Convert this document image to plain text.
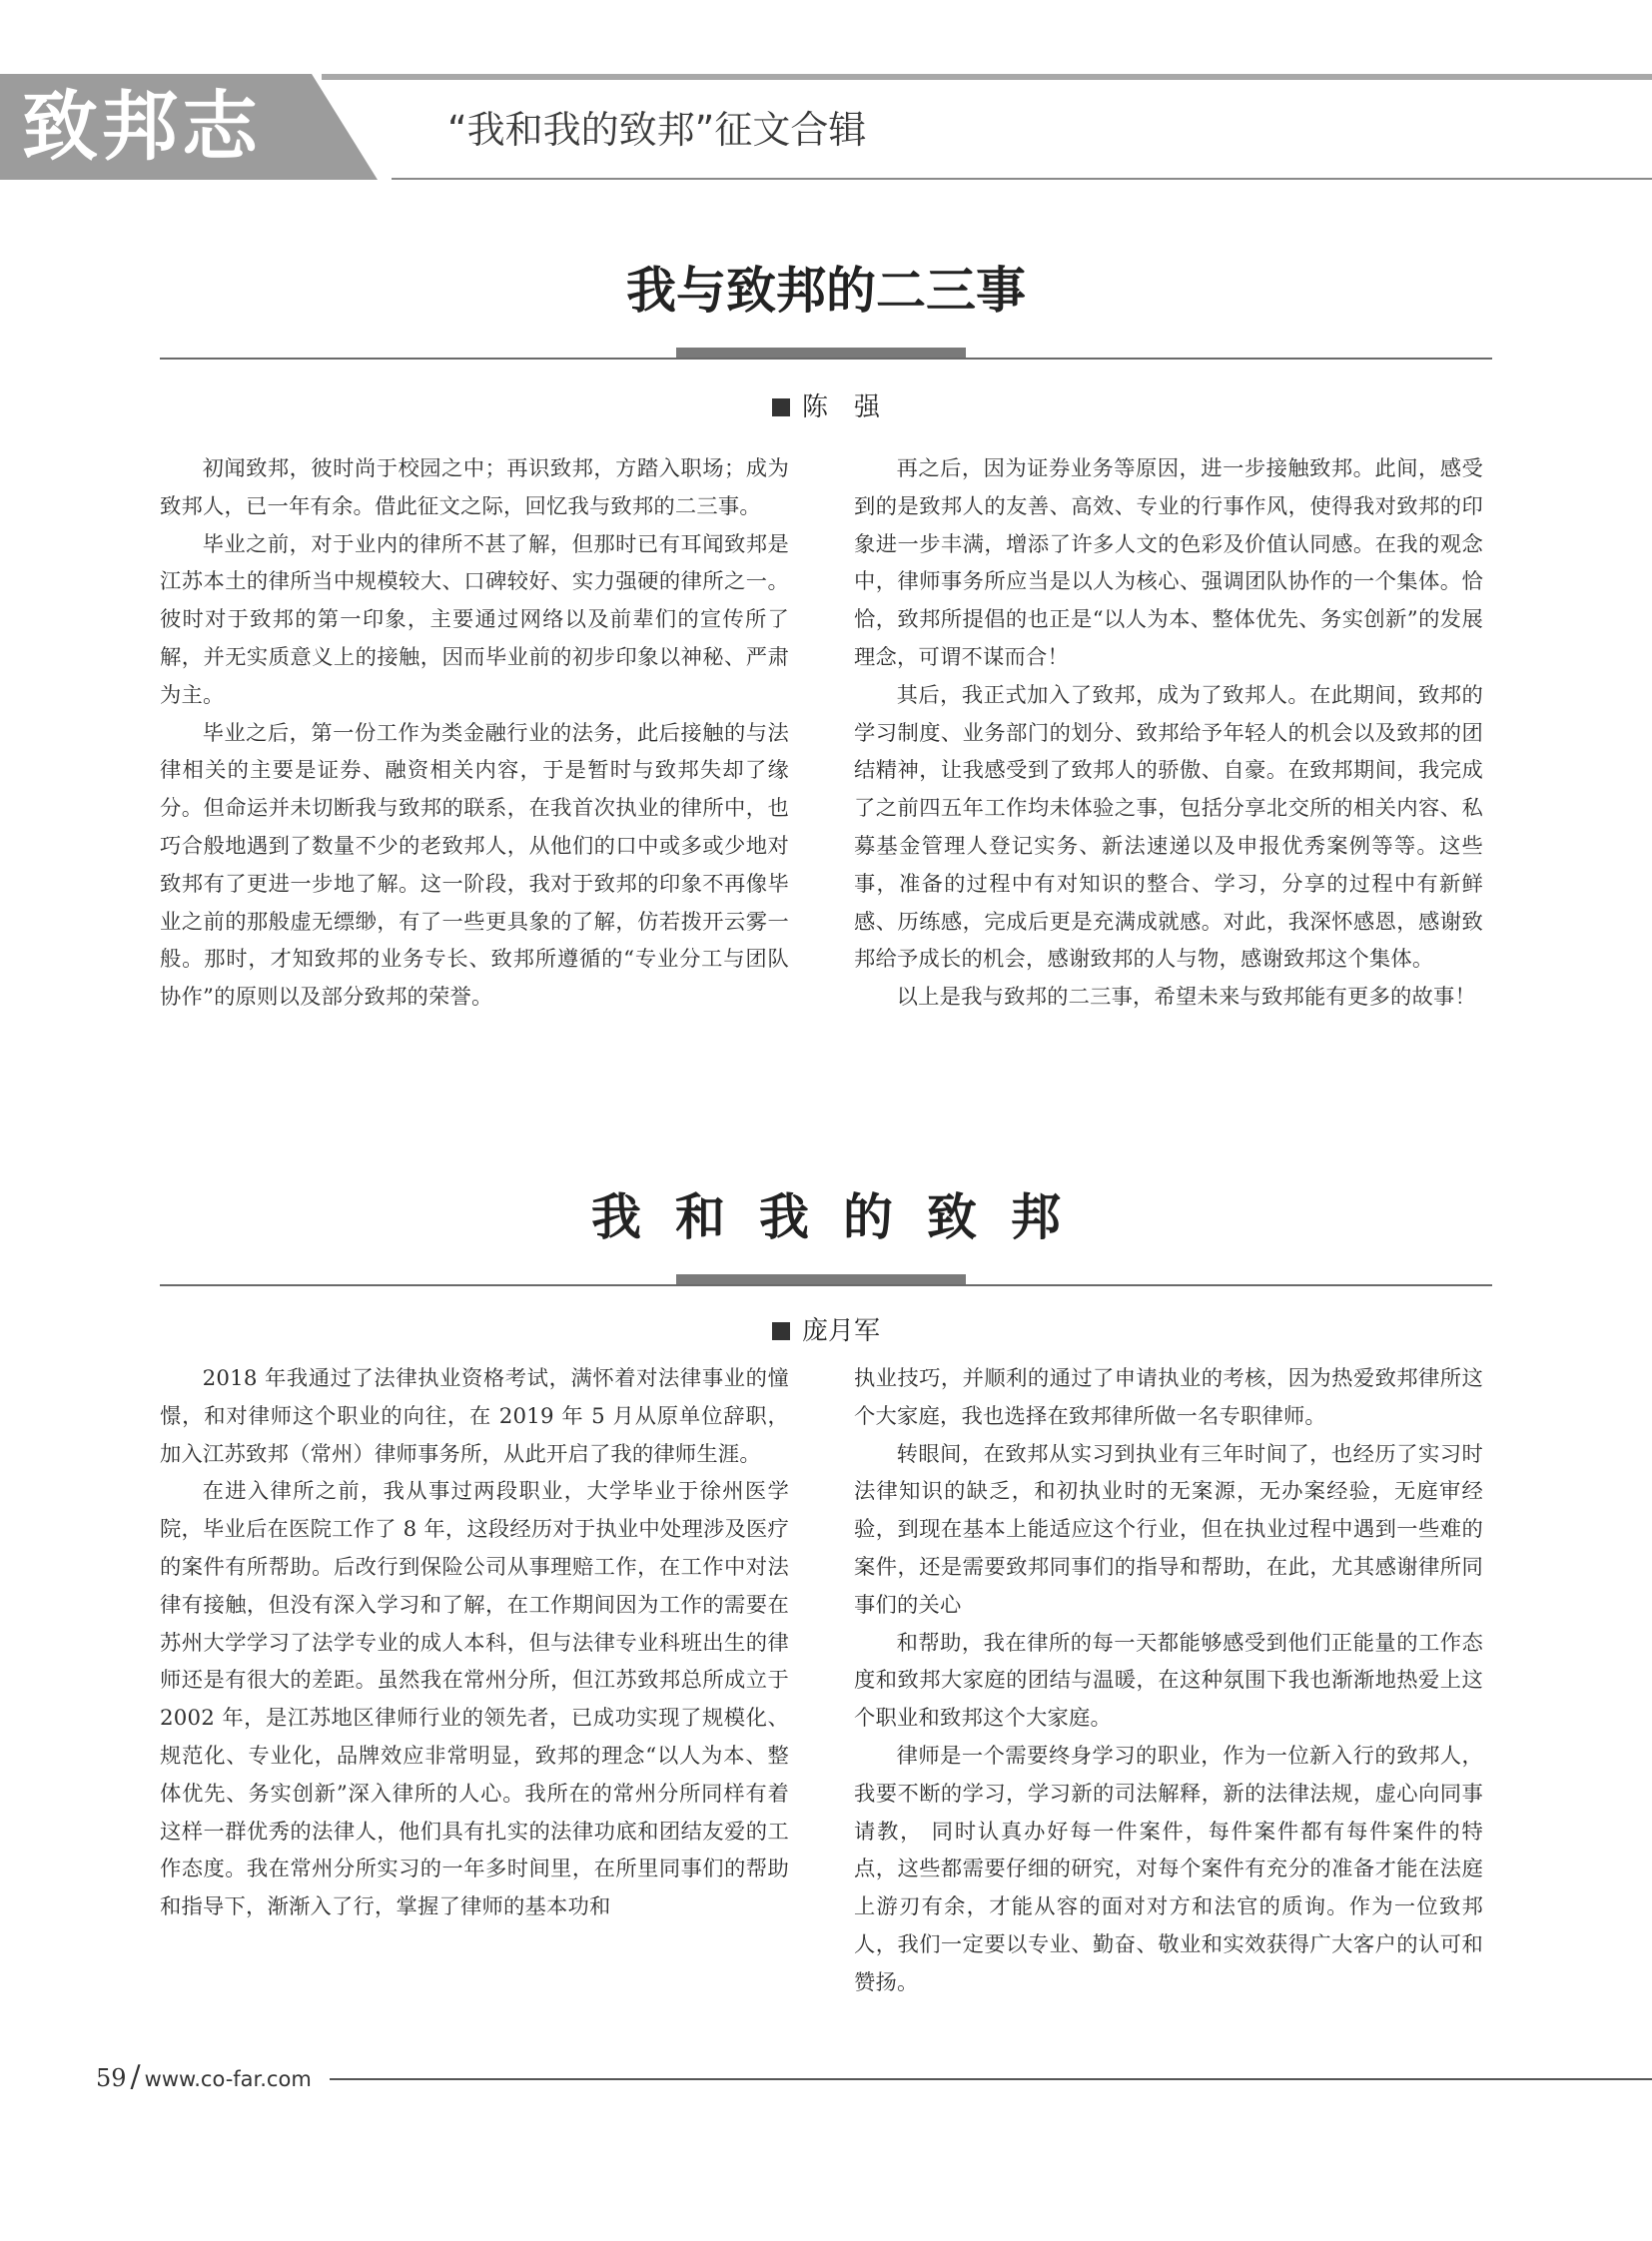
致邦志	“我和我的致邦”征文合辑
我与致邦的二三事
陈　强

初闻致邦，彼时尚于校园之中；再识致邦，方踏入职场；成为致邦人，已一年有余。借此征文之际，回忆我与致邦的二三事。

毕业之前，对于业内的律所不甚了解，但那时已有耳闻致邦是江苏本土的律所当中规模较大、口碑较好、实力强硬的律所之一。彼时对于致邦的第一印象，主要通过网络以及前辈们的宣传所了解，并无实质意义上的接触，因而毕业前的初步印象以神秘、严肃为主。

毕业之后，第一份工作为类金融行业的法务，此后接触的与法律相关的主要是证券、融资相关内容，于是暂时与致邦失却了缘分。但命运并未切断我与致邦的联系，在我首次执业的律所中，也巧合般地遇到了数量不少的老致邦人，从他们的口中或多或少地对致邦有了更进一步地了解。这一阶段，我对于致邦的印象不再像毕业之前的那般虚无缥缈，有了一些更具象的了解，仿若拨开云雾一般。那时，才知致邦的业务专长、致邦所遵循的“专业分工与团队协作”的原则以及部分致邦的荣誉。

再之后，因为证券业务等原因，进一步接触致邦。此间，感受到的是致邦人的友善、高效、专业的行事作风，使得我对致邦的印象进一步丰满，增添了许多人文的色彩及价值认同感。在我的观念中，律师事务所应当是以人为核心、强调团队协作的一个集体。恰恰，致邦所提倡的也正是“以人为本、整体优先、务实创新”的发展理念，可谓不谋而合！

其后，我正式加入了致邦，成为了致邦人。在此期间，致邦的学习制度、业务部门的划分、致邦给予年轻人的机会以及致邦的团结精神，让我感受到了致邦人的骄傲、自豪。在致邦期间，我完成了之前四五年工作均未体验之事，包括分享北交所的相关内容、私募基金管理人登记实务、新法速递以及申报优秀案例等等。这些事，准备的过程中有对知识的整合、学习，分享的过程中有新鲜感、历练感，完成后更是充满成就感。对此，我深怀感恩，感谢致邦给予成长的机会，感谢致邦的人与物，感谢致邦这个集体。

以上是我与致邦的二三事，希望未来与致邦能有更多的故事！

我和我的致邦
庞月军

2018 年我通过了法律执业资格考试，满怀着对法律事业的憧憬，和对律师这个职业的向往，在 2019 年 5 月从原单位辞职，加入江苏致邦（常州）律师事务所，从此开启了我的律师生涯。

在进入律所之前，我从事过两段职业，大学毕业于徐州医学院，毕业后在医院工作了 8 年，这段经历对于执业中处理涉及医疗的案件有所帮助。后改行到保险公司从事理赔工作，在工作中对法律有接触，但没有深入学习和了解，在工作期间因为工作的需要在苏州大学学习了法学专业的成人本科，但与法律专业科班出生的律师还是有很大的差距。虽然我在常州分所，但江苏致邦总所成立于 2002 年，是江苏地区律师行业的领先者，已成功实现了规模化、规范化、专业化，品牌效应非常明显，致邦的理念“以人为本、整体优先、务实创新”深入律所的人心。我所在的常州分所同样有着这样一群优秀的法律人，他们具有扎实的法律功底和团结友爱的工作态度。我在常州分所实习的一年多时间里，在所里同事们的帮助和指导下，渐渐入了行，掌握了律师的基本功和

执业技巧，并顺利的通过了申请执业的考核，因为热爱致邦律所这个大家庭，我也选择在致邦律所做一名专职律师。

转眼间，在致邦从实习到执业有三年时间了，也经历了实习时法律知识的缺乏，和初执业时的无案源，无办案经验，无庭审经验，到现在基本上能适应这个行业，但在执业过程中遇到一些难的案件，还是需要致邦同事们的指导和帮助，在此，尤其感谢律所同事们的关心

和帮助，我在律所的每一天都能够感受到他们正能量的工作态度和致邦大家庭的团结与温暖，在这种氛围下我也渐渐地热爱上这个职业和致邦这个大家庭。

律师是一个需要终身学习的职业，作为一位新入行的致邦人，我要不断的学习，学习新的司法解释，新的法律法规，虚心向同事请教， 同时认真办好每一件案件，每件案件都有每件案件的特点，这些都需要仔细的研究，对每个案件有充分的准备才能在法庭上游刃有余，才能从容的面对对方和法官的质询。作为一位致邦人，我们一定要以专业、勤奋、敬业和实效获得广大客户的认可和赞扬。

59 / www.co-far.com
